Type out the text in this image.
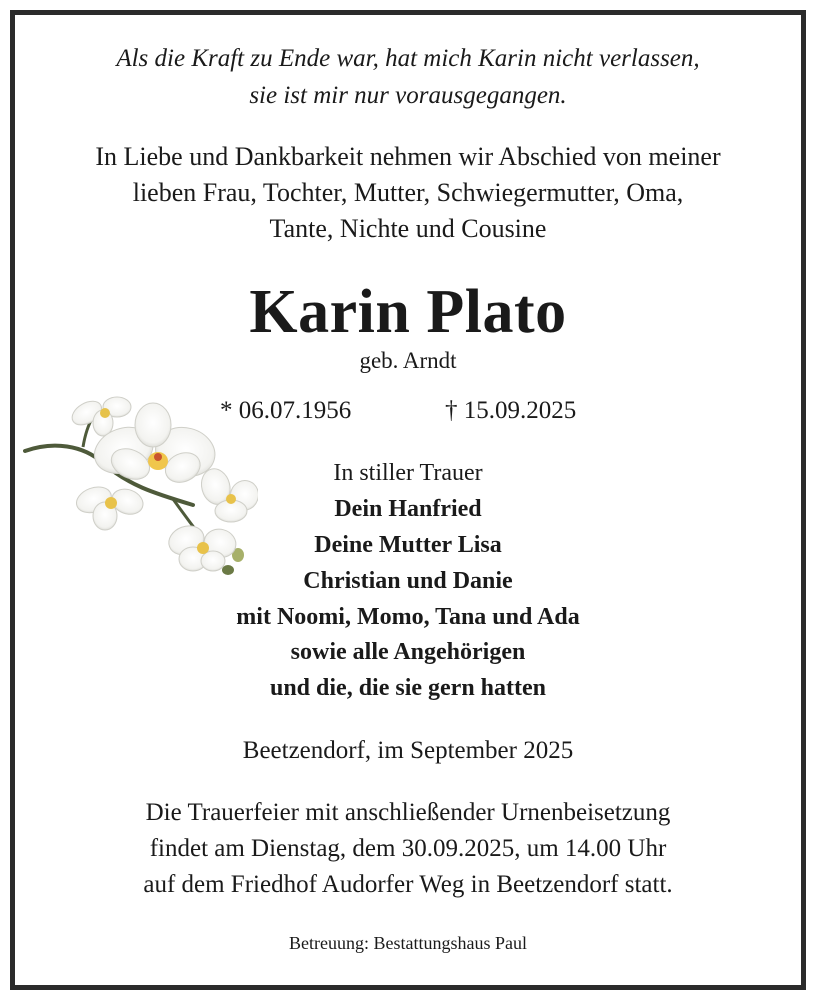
Als die Kraft zu Ende war, hat mich Karin nicht verlassen,
sie ist mir nur vorausgegangen.
In Liebe und Dankbarkeit nehmen wir Abschied von meiner
lieben Frau, Tochter, Mutter, Schwiegermutter, Oma,
Tante, Nichte und Cousine
Karin Plato
geb. Arndt
* 06.07.1956	† 15.09.2025
In stiller Trauer
Dein Hanfried
Deine Mutter Lisa
Christian und Danie
mit Noomi, Momo, Tana und Ada
sowie alle Angehörigen
und die, die sie gern hatten
Beetzendorf, im September 2025
Die Trauerfeier mit anschließender Urnenbeisetzung
findet am Dienstag, dem 30.09.2025, um 14.00 Uhr
auf dem Friedhof Audorfer Weg in Beetzendorf statt.
Betreuung: Bestattungshaus Paul
